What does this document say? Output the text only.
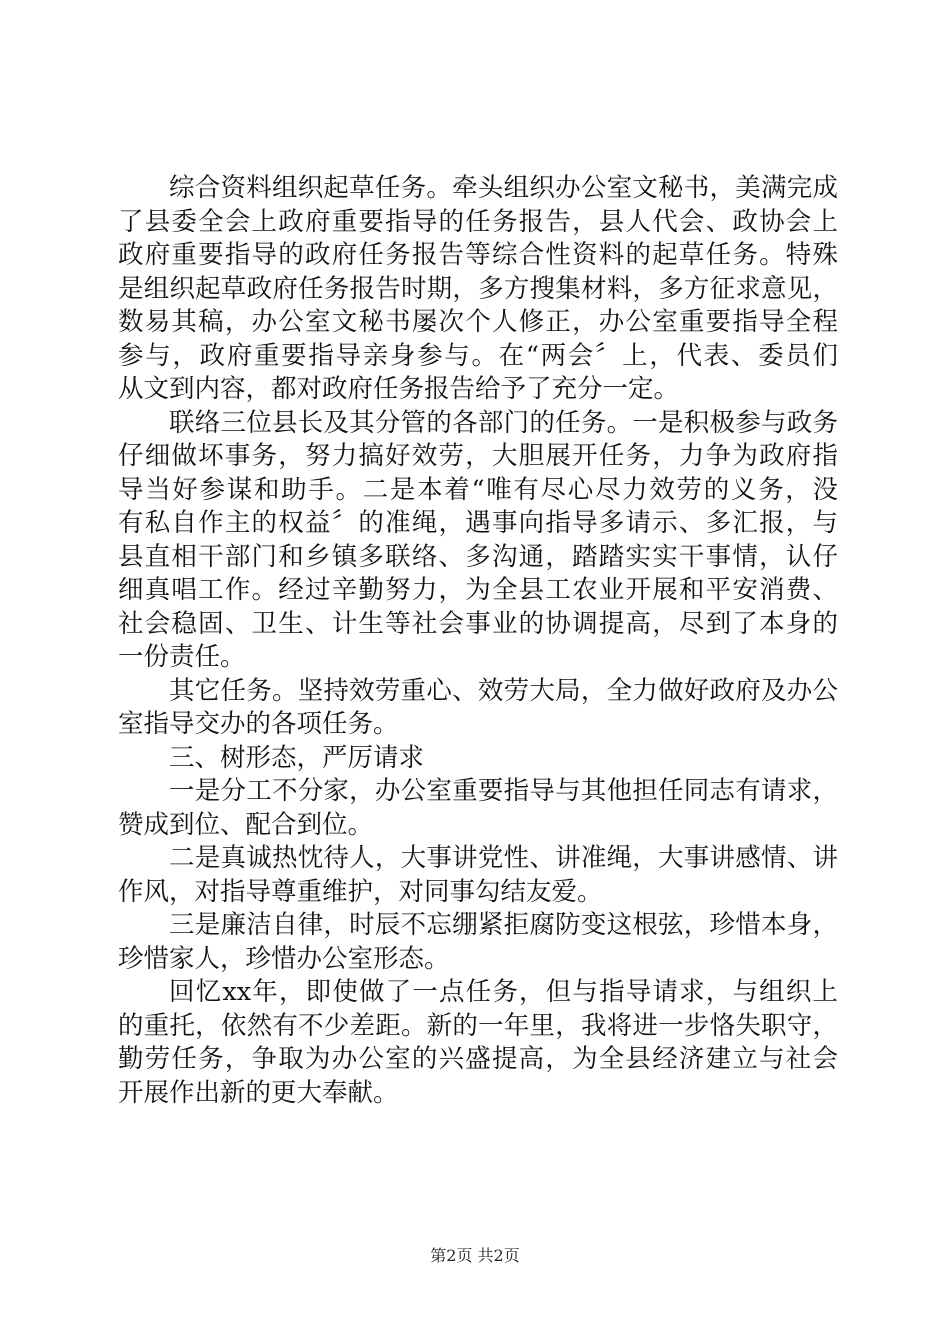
综合资料组织起草任务。牵头组织办公室文秘书，美满完成
了县委全会上政府重要指导的任务报告，县人代会、政协会上
政府重要指导的政府任务报告等综合性资料的起草任务。特殊
是组织起草政府任务报告时期，多方搜集材料，多方征求意见，
数易其稿，办公室文秘书屡次个人修正，办公室重要指导全程
参与，政府重要指导亲身参与。在“两会〞上，代表、委员们
从文到内容，都对政府任务报告给予了充分一定。
联络三位县长及其分管的各部门的任务。一是积极参与政务
仔细做坏事务，努力搞好效劳，大胆展开任务，力争为政府指
导当好参谋和助手。二是本着“唯有尽心尽力效劳的义务，没
有私自作主的权益〞的准绳，遇事向指导多请示、多汇报，与
县直相干部门和乡镇多联络、多沟通，踏踏实实干事情，认仔
细真唱工作。经过辛勤努力，为全县工农业开展和平安消费、
社会稳固、卫生、计生等社会事业的协调提高，尽到了本身的
一份责任。
其它任务。坚持效劳重心、效劳大局，全力做好政府及办公
室指导交办的各项任务。
三、树形态，严厉请求
一是分工不分家，办公室重要指导与其他担任同志有请求，
赞成到位、配合到位。
二是真诚热忱待人，大事讲党性、讲准绳，大事讲感情、讲
作风，对指导尊重维护，对同事勾结友爱。
三是廉洁自律，时辰不忘绷紧拒腐防变这根弦，珍惜本身，
珍惜家人，珍惜办公室形态。
回忆xx年，即使做了一点任务，但与指导请求，与组织上
的重托，依然有不少差距。新的一年里，我将进一步恪失职守，
勤劳任务，争取为办公室的兴盛提高，为全县经济建立与社会
开展作出新的更大奉献。
第2页 共2页
